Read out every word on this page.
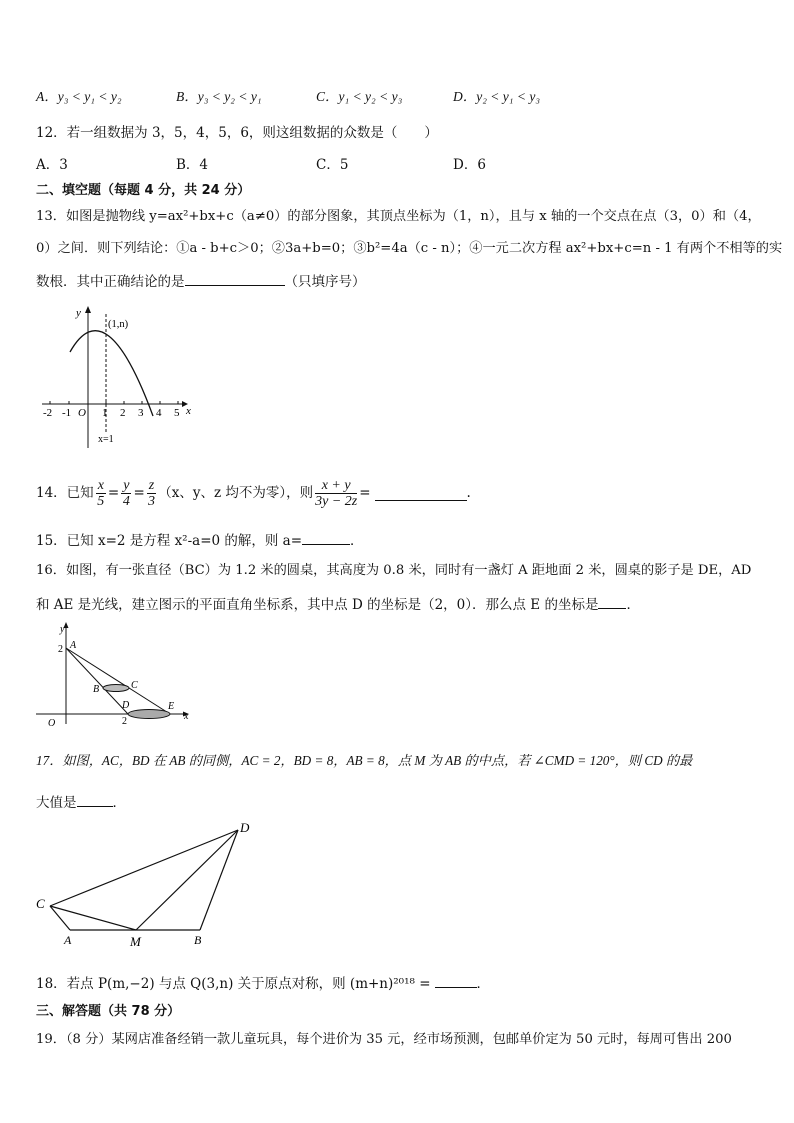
A．y₃ < y₁ < y₂	B．y₃ < y₂ < y₁	C．y₁ < y₂ < y₃	D．y₂ < y₁ < y₃
12．若一组数据为 3，5，4，5，6，则这组数据的众数是（　　）
A．3	B．4	C．5	D．6
二、填空题（每题 4 分，共 24 分）
13．如图是抛物线 y=ax²+bx+c（a≠0）的部分图象，其顶点坐标为（1，n），且与 x 轴的一个交点在点（3，0）和（4，
0）之间．则下列结论：①a - b+c＞0；②3a+b=0；③b²=4a（c - n）；④一元二次方程 ax²+bx+c=n - 1 有两个不相等的实
数根．其中正确结论的是	（只填序号）
y
x
(1,n)
O
-2 -1	1 2 3 4 5
x=1
14．已知 $\frac{x}{5} = \frac{y}{4} = \frac{z}{3} (x$、y、z 均不为零），则 $\frac{x + y}{3y - 2z}$ =	.
15．已知 x=2 是方程 x²-a=0 的解，则 a=	．
16．如图，有一张直径（BC）为 1.2 米的圆桌，其高度为 0.8 米，同时有一盏灯 A 距地面 2 米，圆桌的影子是 DE，AD
和 AE 是光线，建立图示的平面直角坐标系，其中点 D 的坐标是（2，0）．那么点 E 的坐标是 ．
A
2
y
B	C
D	E
2
O
x
17．如图，AC，BD 在 AB 的同侧，AC = 2，BD = 8，AB = 8，点 M 为 AB 的中点，若 ∠CMD = 120°，则 CD 的最
大值是	．
C
A	M	B
D
18．若点 P(m,−2) 与点 Q(3,n) 关于原点对称，则 (m+n)²⁰¹⁸ =	．
三、解答题（共 78 分）
19．（8 分）某网店准备经销一款儿童玩具，每个进价为 35 元，经市场预测，包邮单价定为 50 元时，每周可售出 200
